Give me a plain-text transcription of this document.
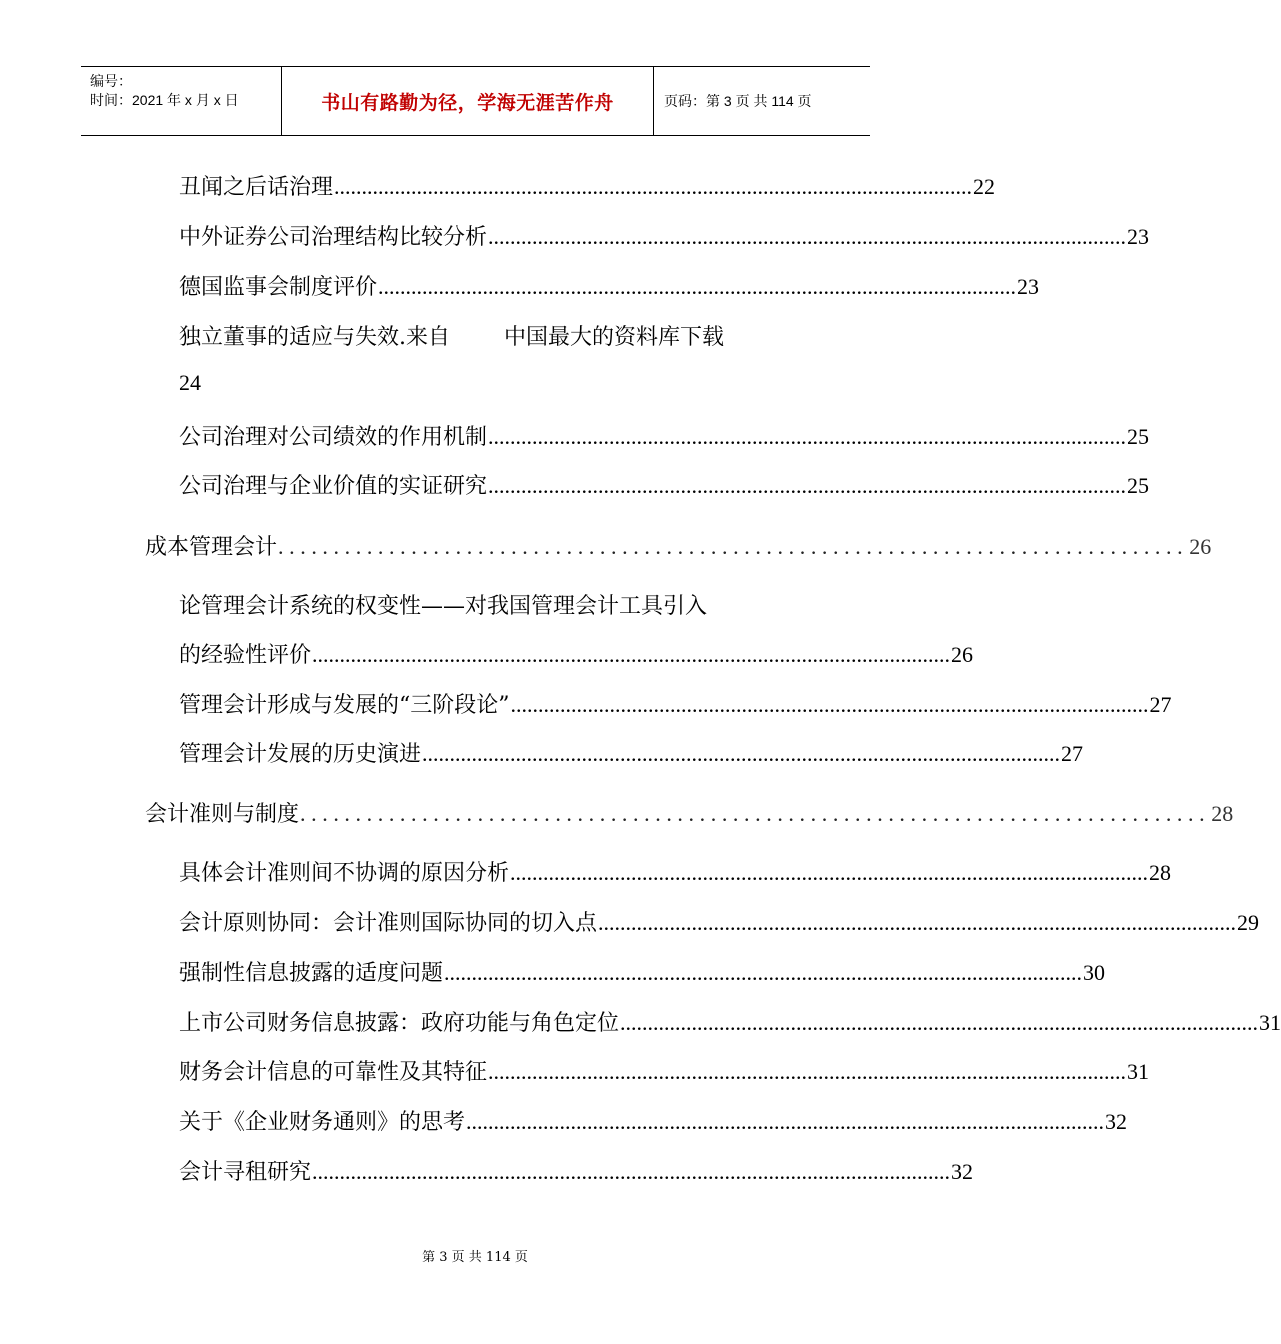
编号：
时间：2021 年 x 月 x 日	书山有路勤为径，学海无涯苦作舟	页码：第 3 页 共 114 页
丑闻之后话治理 .................................................................................................................... 22
中外证券公司治理结构比较分析 .................................................................................................................... 23
德国监事会制度评价 .................................................................................................................... 23
独立董事的适应与失效.来自 中国最大的资料库下载
24
公司治理对公司绩效的作用机制 .................................................................................................................... 25
公司治理与企业价值的实证研究 .................................................................................................................... 25
成本管理会计 .................................................................................. 26
论管理会计系统的权变性——对我国管理会计工具引入
的经验性评价 .................................................................................................................... 26
管理会计形成与发展的“三阶段论” .................................................................................................................... 27
管理会计发展的历史演进 .................................................................................................................... 27
会计准则与制度 .................................................................................. 28
具体会计准则间不协调的原因分析 .................................................................................................................... 28
会计原则协同：会计准则国际协同的切入点 .................................................................................................................... 29
强制性信息披露的适度问题 .................................................................................................................... 30
上市公司财务信息披露：政府功能与角色定位 .................................................................................................................... 31
财务会计信息的可靠性及其特征 .................................................................................................................... 31
关于《企业财务通则》的思考 .................................................................................................................... 32
会计寻租研究 .................................................................................................................... 32
第 3 页 共 114 页
